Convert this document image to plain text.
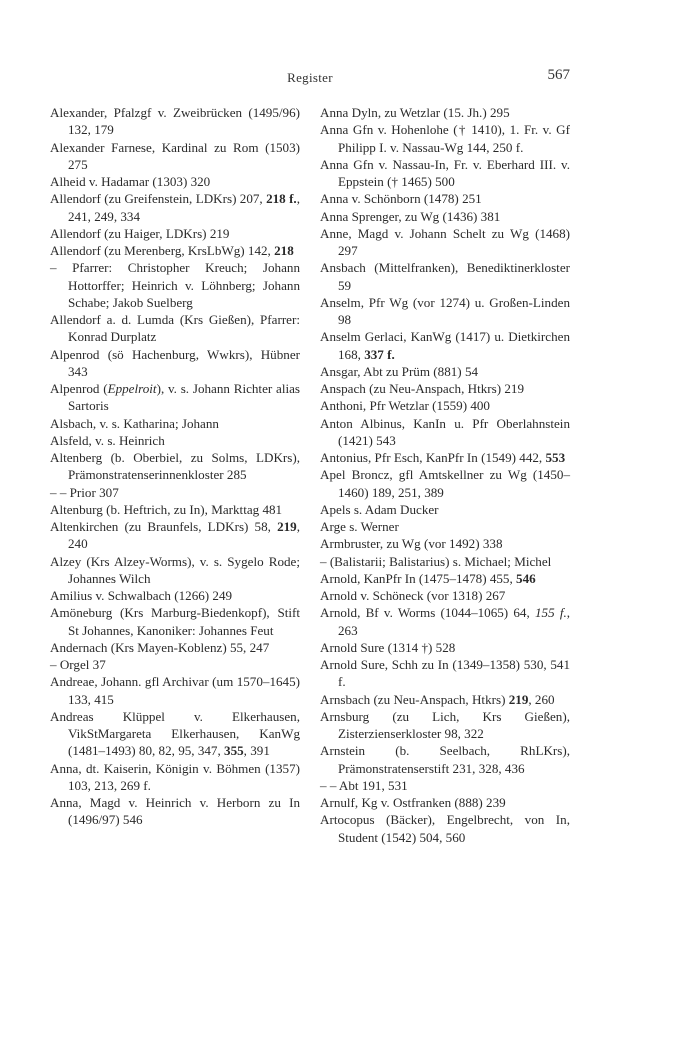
Register	567
Alexander, Pfalzgf v. Zweibrücken (1495/96) 132, 179
Alexander Farnese, Kardinal zu Rom (1503) 275
Alheid v. Hadamar (1303) 320
Allendorf (zu Greifenstein, LDKrs) 207, 218 f., 241, 249, 334
Allendorf (zu Haiger, LDKrs) 219
Allendorf (zu Merenberg, KrsLbWg) 142, 218
– Pfarrer: Christopher Kreuch; Johann Hottorffer; Heinrich v. Löhnberg; Johann Schabe; Jakob Suelberg
Allendorf a. d. Lumda (Krs Gießen), Pfarrer: Konrad Durplatz
Alpenrod (sö Hachenburg, Wwkrs), Hübner 343
Alpenrod (Eppelroit), v. s. Johann Richter alias Sartoris
Alsbach, v. s. Katharina; Johann
Alsfeld, v. s. Heinrich
Altenberg (b. Oberbiel, zu Solms, LDKrs), Prämonstratenserinnenkloster 285
– – Prior 307
Altenburg (b. Heftrich, zu In), Markttag 481
Altenkirchen (zu Braunfels, LDKrs) 58, 219, 240
Alzey (Krs Alzey-Worms), v. s. Sygelo Rode; Johannes Wilch
Amilius v. Schwalbach (1266) 249
Amöneburg (Krs Marburg-Biedenkopf), Stift St Johannes, Kanoniker: Johannes Feut
Andernach (Krs Mayen-Koblenz) 55, 247
– Orgel 37
Andreae, Johann. gfl Archivar (um 1570–1645) 133, 415
Andreas Klüppel v. Elkerhausen, VikStMargareta Elkerhausen, KanWg (1481–1493) 80, 82, 95, 347, 355, 391
Anna, dt. Kaiserin, Königin v. Böhmen (1357) 103, 213, 269 f.
Anna, Magd v. Heinrich v. Herborn zu In (1496/97) 546
Anna Dyln, zu Wetzlar (15. Jh.) 295
Anna Gfn v. Hohenlohe († 1410), 1. Fr. v. Gf Philipp I. v. Nassau-Wg 144, 250 f.
Anna Gfn v. Nassau-In, Fr. v. Eberhard III. v. Eppstein († 1465) 500
Anna v. Schönborn (1478) 251
Anna Sprenger, zu Wg (1436) 381
Anne, Magd v. Johann Schelt zu Wg (1468) 297
Ansbach (Mittelfranken), Benediktinerkloster 59
Anselm, Pfr Wg (vor 1274) u. Großen-Linden 98
Anselm Gerlaci, KanWg (1417) u. Dietkirchen 168, 337 f.
Ansgar, Abt zu Prüm (881) 54
Anspach (zu Neu-Anspach, Htkrs) 219
Anthoni, Pfr Wetzlar (1559) 400
Anton Albinus, KanIn u. Pfr Oberlahnstein (1421) 543
Antonius, Pfr Esch, KanPfr In (1549) 442, 553
Apel Broncz, gfl Amtskellner zu Wg (1450–1460) 189, 251, 389
Apels s. Adam Ducker
Arge s. Werner
Armbruster, zu Wg (vor 1492) 338
– (Balistarii; Balistarius) s. Michael; Michel
Arnold, KanPfr In (1475–1478) 455, 546
Arnold v. Schöneck (vor 1318) 267
Arnold, Bf v. Worms (1044–1065) 64, 155 f., 263
Arnold Sure (1314 †) 528
Arnold Sure, Schh zu In (1349–1358) 530, 541 f.
Arnsbach (zu Neu-Anspach, Htkrs) 219, 260
Arnsburg (zu Lich, Krs Gießen), Zisterzienserkloster 98, 322
Arnstein (b. Seelbach, RhLKrs), Prämonstratenserstift 231, 328, 436
– – Abt 191, 531
Arnulf, Kg v. Ostfranken (888) 239
Artocopus (Bäcker), Engelbrecht, von In, Student (1542) 504, 560
